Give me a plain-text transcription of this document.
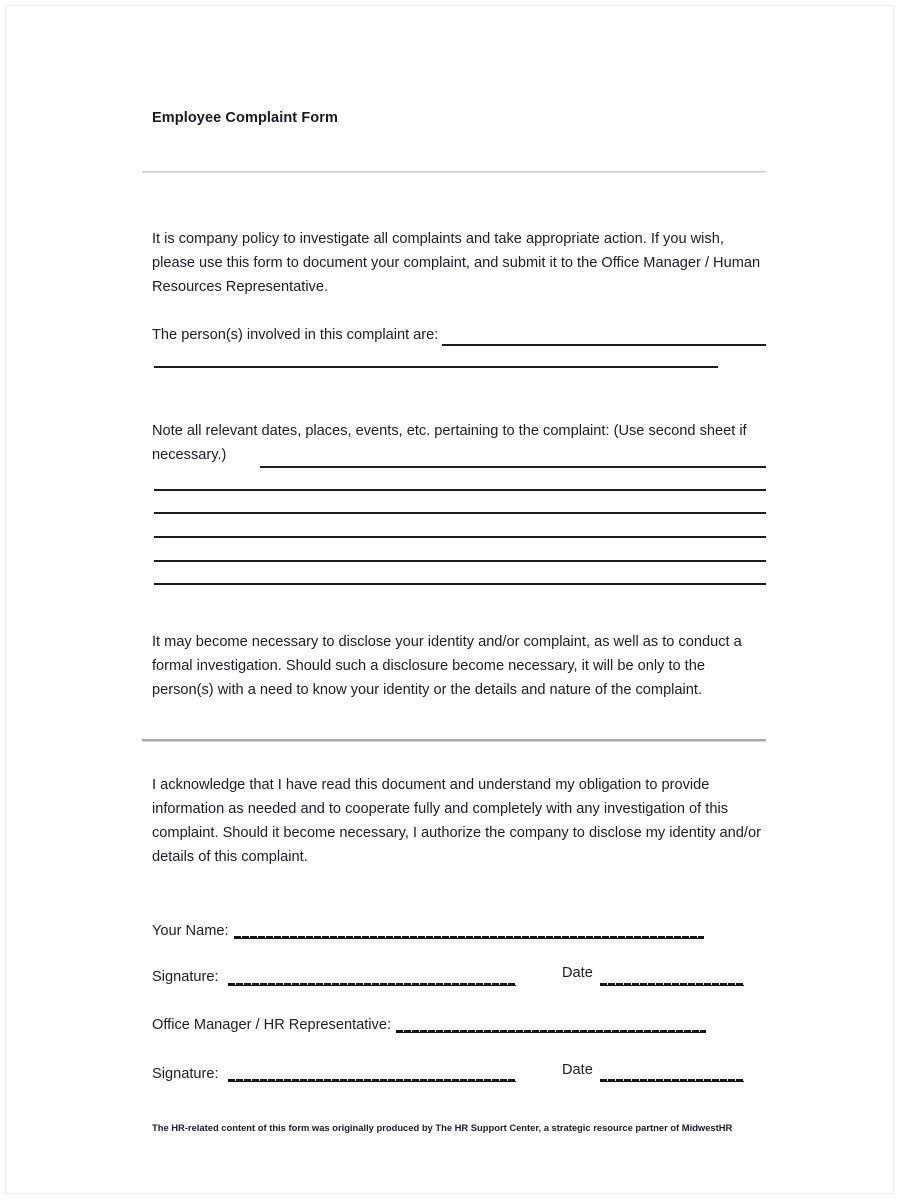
Employee Complaint Form
It is company policy to investigate all complaints and take appropriate action. If you wish, please use this form to document your complaint, and submit it to the Office Manager / Human Resources Representative.
The person(s) involved in this complaint are:
Note all relevant dates, places, events, etc. pertaining to the complaint: (Use second sheet if necessary.)
It may become necessary to disclose your identity and/or complaint, as well as to conduct a formal investigation. Should such a disclosure become necessary, it will be only to the person(s) with a need to know your identity or the details and nature of the complaint.
I acknowledge that I have read this document and understand my obligation to provide information as needed and to cooperate fully and completely with any investigation of this complaint. Should it become necessary, I authorize the company to disclose my identity and/or details of this complaint.
Your Name:
Signature:	Date
Office Manager / HR Representative:
Signature:	Date
The HR-related content of this form was originally produced by The HR Support Center, a strategic resource partner of MidwestHR
